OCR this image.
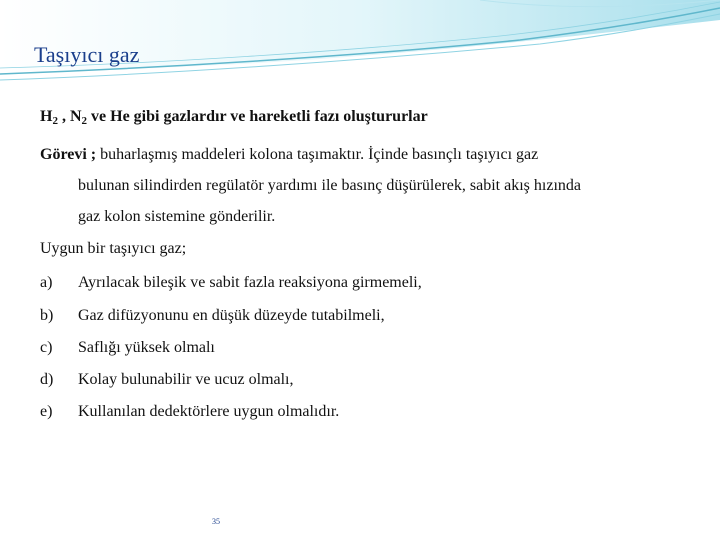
Taşıyıcı gaz
$H_2$ , $N_2$ ve He gibi gazlardır ve hareketli fazı oluştururlar
Görevi ; buharlaşmış maddeleri kolona taşımaktır. İçinde basınçlı taşıyıcı gaz
bulunan silindirden regülatör yardımı ile basınç düşürülerek, sabit akış hızında
gaz kolon sistemine gönderilir.
Uygun bir taşıyıcı gaz;
a) Ayrılacak bileşik ve sabit fazla reaksiyona girmemeli,
b) Gaz difüzyonunu en düşük düzeyde tutabilmeli,
c) Saflığı yüksek olmalı
d) Kolay bulunabilir ve ucuz olmalı,
e) Kullanılan dedektörlere uygun olmalıdır.
35
